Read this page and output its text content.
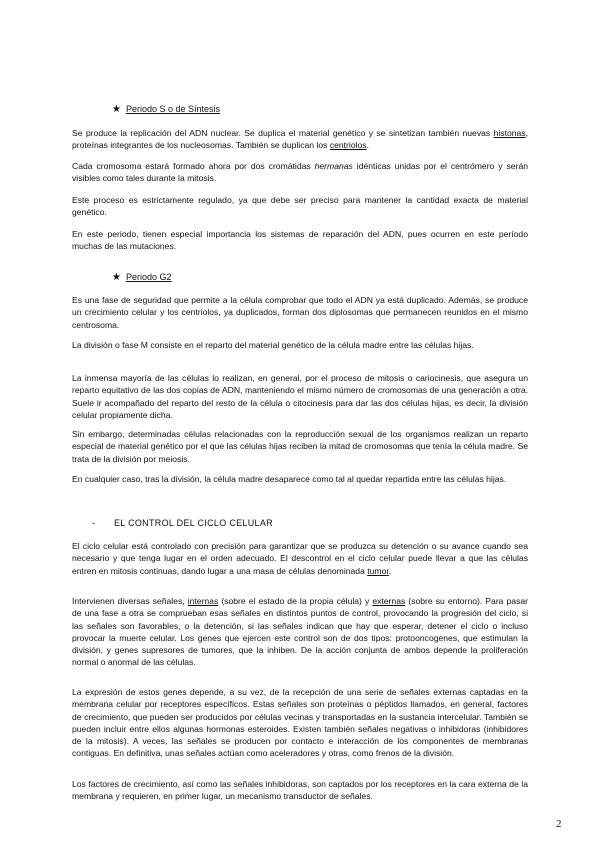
★ Periodo S o de Síntesis

Se produce la replicación del ADN nuclear. Se duplica el material genético y se sintetizan también nuevas histonas, proteínas integrantes de los nucleosomas. También se duplican los centriolos.

Cada cromosoma estará formado ahora por dos cromátidas hermanas idénticas unidas por el centrómero y serán visibles como tales durante la mitosis.

Este proceso es estrictamente regulado, ya que debe ser preciso para mantener la cantidad exacta de material genético.

En este periodo, tienen especial importancia los sistemas de reparación del ADN, pues ocurren en este período muchas de las mutaciones.

★ Periodo G2

Es una fase de seguridad que permite a la célula comprobar que todo el ADN ya está duplicado. Además, se produce un crecimiento celular y los centriolos, ya duplicados, forman dos diplosomas que permanecen reunidos en el mismo centrosoma.

La división o fase M consiste en el reparto del material genético de la célula madre entre las células hijas.

La inmensa mayoría de las células lo realizan, en general, por el proceso de mitosis o cariocinesis, que asegura un reparto equitativo de las dos copias de ADN, manteniendo el mismo número de cromosomas de una generación a otra. Suele ir acompañado del reparto del resto de la célula o citocinesis para dar las dos células hijas, es decir, la división celular propiamente dicha.

Sin embargo, determinadas células relacionadas con la reproducción sexual de los organismos realizan un reparto especial de material genético por el que las células hijas reciben la mitad de cromosomas que tenía la célula madre. Se trata de la división por meiosis.

En cualquier caso, tras la división, la célula madre desaparece como tal al quedar repartida entre las células hijas.

- EL CONTROL DEL CICLO CELULAR

El ciclo celular está controlado con precisión para garantizar que se produzca su detención o su avance cuando sea necesario y que tenga lugar en el orden adecuado. El descontrol en el ciclo celular puede llevar a que las células entren en mitosis continuas, dando lugar a una masa de células denominada tumor.

Intervienen diversas señales, internas (sobre el estado de la propia célula) y externas (sobre su entorno). Para pasar de una fase a otra se comprueban esas señales en distintos puntos de control, provocando la progresión del ciclo, si las señales son favorables, o la detención, si las señales indican que hay que esperar, detener el ciclo o incluso provocar la muerte celular. Los genes que ejercen este control son de dos tipos: protooncogenes, que estimulan la división, y genes supresores de tumores, que la inhiben. De la acción conjunta de ambos depende la proliferación normal o anormal de las células.

La expresión de estos genes depende, a su vez, de la recepción de una serie de señales externas captadas en la membrana celular por receptores específicos. Estas señales son proteínas o péptidos llamados, en general, factores de crecimiento, que pueden ser producidos por células vecinas y transportadas en la sustancia intercelular. También se pueden incluir entre ellos algunas hormonas esteroides. Existen también señales negativas o inhibidoras (inhibidores de la mitosis). A veces, las señales se producen por contacto e interacción de los componentes de membranas contiguas. En definitiva, unas señales actúan como aceleradores y otras, como frenos de la división.

Los factores de crecimiento, así como las señales inhibidoras, son captados por los receptores en la cara externa de la membrana y requieren, en primer lugar, un mecanismo transductor de señales.

2
